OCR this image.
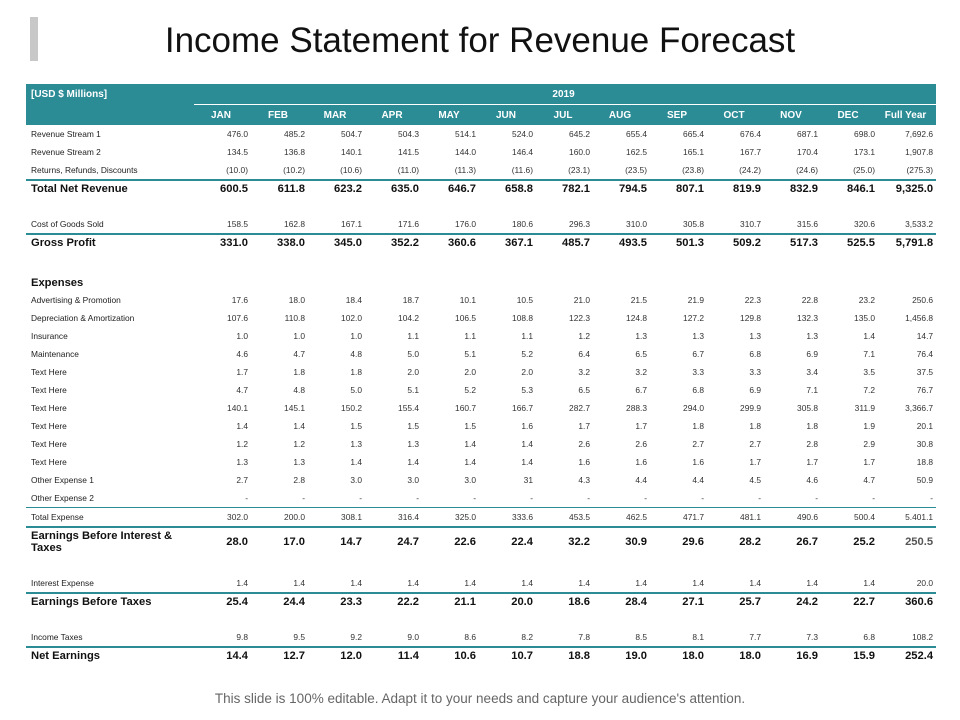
Income Statement for Revenue Forecast
[USD $ Millions]	2019												
	JAN	FEB	MAR	APR	MAY	JUN	JUL	AUG	SEP	OCT	NOV	DEC	Full Year
Revenue Stream 1	476.0	485.2	504.7	504.3	514.1	524.0	645.2	655.4	665.4	676.4	687.1	698.0	7,692.6
Revenue Stream 2	134.5	136.8	140.1	141.5	144.0	146.4	160.0	162.5	165.1	167.7	170.4	173.1	1,907.8
Returns, Refunds, Discounts	(10.0)	(10.2)	(10.6)	(11.0)	(11.3)	(11.6)	(23.1)	(23.5)	(23.8)	(24.2)	(24.6)	(25.0)	(275.3)
Total Net Revenue	600.5	611.8	623.2	635.0	646.7	658.8	782.1	794.5	807.1	819.9	832.9	846.1	9,325.0

Cost of Goods Sold	158.5	162.8	167.1	171.6	176.0	180.6	296.3	310.0	305.8	310.7	315.6	320.6	3,533.2
Gross Profit	331.0	338.0	345.0	352.2	360.6	367.1	485.7	493.5	501.3	509.2	517.3	525.5	5,791.8

Expenses													
Advertising & Promotion	17.6	18.0	18.4	18.7	10.1	10.5	21.0	21.5	21.9	22.3	22.8	23.2	250.6
Depreciation & Amortization	107.6	110.8	102.0	104.2	106.5	108.8	122.3	124.8	127.2	129.8	132.3	135.0	1,456.8
Insurance	1.0	1.0	1.0	1.1	1.1	1.1	1.2	1.3	1.3	1.3	1.3	1.4	14.7
Maintenance	4.6	4.7	4.8	5.0	5.1	5.2	6.4	6.5	6.7	6.8	6.9	7.1	76.4
Text Here	1.7	1.8	1.8	2.0	2.0	2.0	3.2	3.2	3.3	3.3	3.4	3.5	37.5
Text Here	4.7	4.8	5.0	5.1	5.2	5.3	6.5	6.7	6.8	6.9	7.1	7.2	76.7
Text Here	140.1	145.1	150.2	155.4	160.7	166.7	282.7	288.3	294.0	299.9	305.8	311.9	3,366.7
Text Here	1.4	1.4	1.5	1.5	1.5	1.6	1.7	1.7	1.8	1.8	1.8	1.9	20.1
Text Here	1.2	1.2	1.3	1.3	1.4	1.4	2.6	2.6	2.7	2.7	2.8	2.9	30.8
Text Here	1.3	1.3	1.4	1.4	1.4	1.4	1.6	1.6	1.6	1.7	1.7	1.7	18.8
Other Expense 1	2.7	2.8	3.0	3.0	3.0	31	4.3	4.4	4.4	4.5	4.6	4.7	50.9
Other Expense 2	-	-	-	-	-	-	-	-	-	-	-	-	-
Total Expense	302.0	200.0	308.1	316.4	325.0	333.6	453.5	462.5	471.7	481.1	490.6	500.4	5.401.1
Earnings Before Interest & Taxes	28.0	17.0	14.7	24.7	22.6	22.4	32.2	30.9	29.6	28.2	26.7	25.2	250.5

Interest Expense	1.4	1.4	1.4	1.4	1.4	1.4	1.4	1.4	1.4	1.4	1.4	1.4	20.0
Earnings Before Taxes	25.4	24.4	23.3	22.2	21.1	20.0	18.6	28.4	27.1	25.7	24.2	22.7	360.6

Income Taxes	9.8	9.5	9.2	9.0	8.6	8.2	7.8	8.5	8.1	7.7	7.3	6.8	108.2
Net Earnings	14.4	12.7	12.0	11.4	10.6	10.7	18.8	19.0	18.0	18.0	16.9	15.9	252.4
This slide is 100% editable. Adapt it to your needs and capture your audience's attention.
